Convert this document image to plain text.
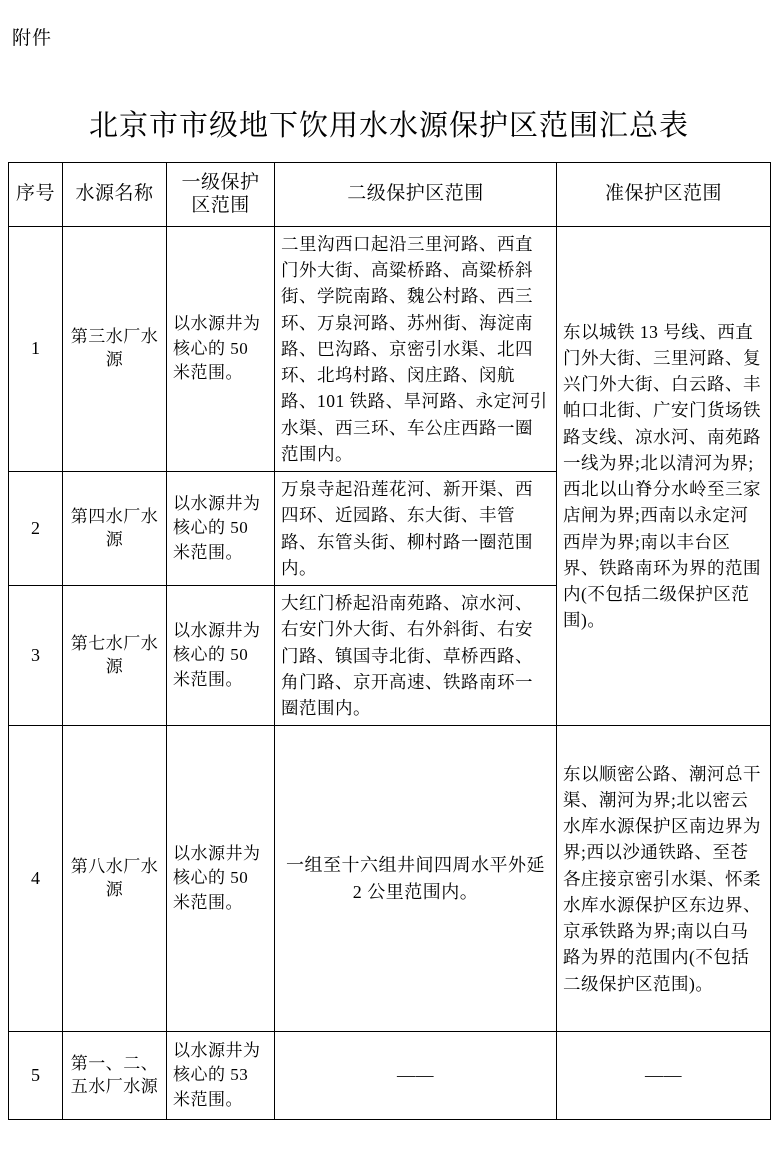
附件
北京市市级地下饮用水水源保护区范围汇总表
序号	水源名称	一级保护区范围	二级保护区范围	准保护区范围
1	第三水厂水源	以水源井为核心的 50 米范围。	二里沟西口起沿三里河路、西直门外大街、高粱桥路、高粱桥斜街、学院南路、魏公村路、西三环、万泉河路、苏州街、海淀南路、巴沟路、京密引水渠、北四环、北坞村路、闵庄路、闵航路、101 铁路、旱河路、永定河引水渠、西三环、车公庄西路一圈范围内。	东以城铁 13 号线、西直门外大街、三里河路、复兴门外大街、白云路、丰帕口北街、广安门货场铁路支线、凉水河、南苑路一线为界;北以清河为界;西北以山脊分水岭至三家店闸为界;西南以永定河西岸为界;南以丰台区界、铁路南环为界的范围内(不包括二级保护区范围)。
2	第四水厂水源	以水源井为核心的 50 米范围。	万泉寺起沿莲花河、新开渠、西四环、近园路、东大街、丰管路、东管头街、柳村路一圈范围内。	
3	第七水厂水源	以水源井为核心的 50 米范围。	大红门桥起沿南苑路、凉水河、右安门外大街、右外斜街、右安门路、镇国寺北街、草桥西路、角门路、京开高速、铁路南环一圈范围内。	
4	第八水厂水源	以水源井为核心的 50 米范围。	一组至十六组井间四周水平外延 2 公里范围内。	东以顺密公路、潮河总干渠、潮河为界;北以密云水库水源保护区南边界为界;西以沙通铁路、至苍各庄接京密引水渠、怀柔水库水源保护区东边界、京承铁路为界;南以白马路为界的范围内(不包括二级保护区范围)。
5	第一、二、五水厂水源	以水源井为核心的 53 米范围。	——	——
